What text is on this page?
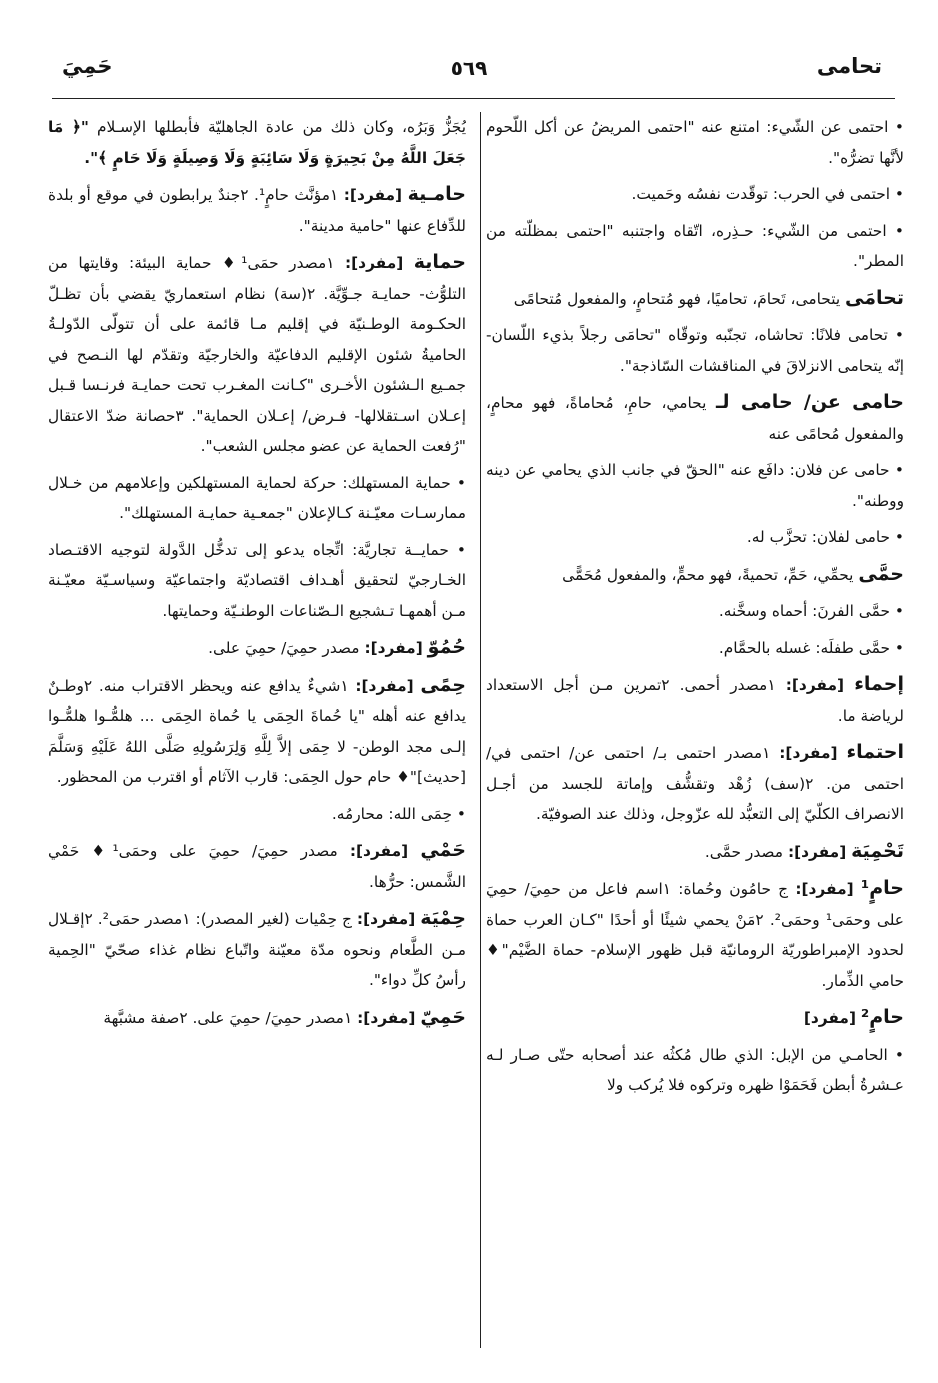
تحامى
٥٦٩
حَمِيَ
• احتمى عن الشّيء: امتنع عنه "احتمى المريضُ عن أكل اللّحوم لأنَّها تضرُّه".
• احتمى في الحرب: توقّدت نفسُه وحَميت.
• احتمى من الشّيء: حـذِره، اتّقاه واجتنبه "احتمى بمظلّته من المطر".
تحامَى يتحامى، تَحامَ، تحاميًا، فهو مُتحامٍ، والمفعول مُتحامًى
• تحامى فلانًا: تحاشاه، تجنّبه وتوقّاه "تحامَى رجلاً بذيء اللّسان- إنّه يتحامى الانزلاقَ في المناقشات السّاذجة".
حامى عن/ حامى لـ يحامي، حامِ، مُحاماةً، فهو محامٍ، والمفعول مُحامًى عنه
• حامى عن فلان: دافَع عنه "الحقّ في جانب الذي يحامي عن دينه ووطنه".
• حامى لفلان: تحزَّب له.
حمَّى يحمِّي، حَمِّ، تحميةً، فهو محمٍّ، والمفعول مُحَمًّى
• حمَّى الفرنَ: أحماه وسخَّنه.
• حمَّى طفلَه: غسله بالحمَّام.
إحماء [مفرد]: ١مصدر أحمى. ٢تمرين مـن أجل الاستعداد لرياضة ما.
احتماء [مفرد]: ١مصدر احتمى بـ/ احتمى عن/ احتمى في/ احتمى من. ٢(سف) زُهْد وتقشُّف وإماتة للجسد من أجـل الانصراف الكلّيّ إلى التعبُّد لله عزّوجل، وذلك عند الصوفيّة.
تَحْمِيَة [مفرد]: مصدر حمَّى.
حامٍ¹ [مفرد]: ج حامُون وحُماة: ١اسم فاعل من حمِيَ/ حمِيَ على وحمَى¹ وحمَى². ٢مَنْ يحمي شيئًا أو أحدًا "كـان العرب حماة لحدود الإمبراطوريّة الرومانيّة قبل ظهور الإسلام- حماة الضَّيْم"♦ حامي الذِّمار.
حامٍ² [مفرد]
• الحامـي من الإبل: الذي طال مُكثُه عند أصحابه حتّى صـار لـه عـشرةُ أبطن فَحَمَوْا ظهره وتركوه فلا يُركب ولا
يُجَزُّ وَبَرُه، وكان ذلك من عادة الجاهليّة فأبطلها الإسـلام "﴿ مَا جَعَلَ اللَّهُ مِنْ بَحِيرَةٍ وَلَا سَائِبَةٍ وَلَا وَصِيلَةٍ وَلَا حَامٍ ﴾".
حامـية [مفرد]: ١مؤنَّث حامٍ¹. ٢جندٌ يرابطون في موقع أو بلدة للدِّفاع عنها "حامية مدينة".
حماية [مفرد]: ١مصدر حمَى¹♦ حماية البيئة: وقايتها من التلوُّث- حمايـة جـوِّيَّة. ٢(سة) نظام استعماريّ يقضي بأن تظـلّ الحكـومة الوطـنيّة في إقليم مـا قائمة على أن تتولّى الدّولـةُ الحاميةُ شئون الإقليم الدفاعيّة والخارجيّة وتقدّم لها النـصح في جمـيع الـشئون الأخـرى "كـانت المغـرب تحت حمايـة فرنـسا قـبل إعـلان اسـتقلالها- فـرض/ إعـلان الحماية". ٣حصانة ضدّ الاعتقال "رُفعت الحماية عن عضو مجلس الشعب".
• حماية المستهلك: حركة لحماية المستهلكين وإعلامهم من خـلال ممارسـات معيّـنة كـالإعلان "جمعـية حمايـة المستهلك".
• حمايــة تجاريَّة: اتِّجاه يدعو إلى تدخُّل الدَّولة لتوجيه الاقتـصاد الخـارجيّ لتحقيق أهـداف اقتصاديّة واجتماعيّة وسياسـيّة معيّـنة مـن أهمهـا تـشجيع الـصّناعات الوطنـيّة وحمايتها.
حُمُوّ [مفرد]: مصدر حمِيَ/ حمِيَ على.
حِمًى [مفرد]: ١شيءٌ يدافع عنه ويحظر الاقتراب منه. ٢وطـنٌ يدافع عنه أهله "يا حُماةَ الحِمَى يا حُماة الحِمَى ... هلمُّـوا هلمُّـوا إلـى مجد الوطن- لا حِمَى إلاَّ لِلَّهِ وَلِرَسُولِهِ صَلَّى اللهُ عَلَيْهِ وَسَلَّمَ [حديث]"♦ حام حول الحِمَى: قارب الآثام أو اقترب من المحظور.
• حِمَى الله: محارمُه.
حَمْي [مفرد]: مصدر حمِيَ/ حمِيَ على وحمَى¹♦ حَمْي الشَّمس: حرُّها.
حِمْيَة [مفرد]: ج حِمْيات (لغير المصدر): ١مصدر حمَى². ٢إقـلال مـن الطَّعام ونحوه مدّة معيّنة واتّباع نظام غذاء صحّيّ "الحِمية رأسُ كلِّ دواء".
حَمِيّ [مفرد]: ١مصدر حمِيَ/ حمِيَ على. ٢صفة مشبَّهة
